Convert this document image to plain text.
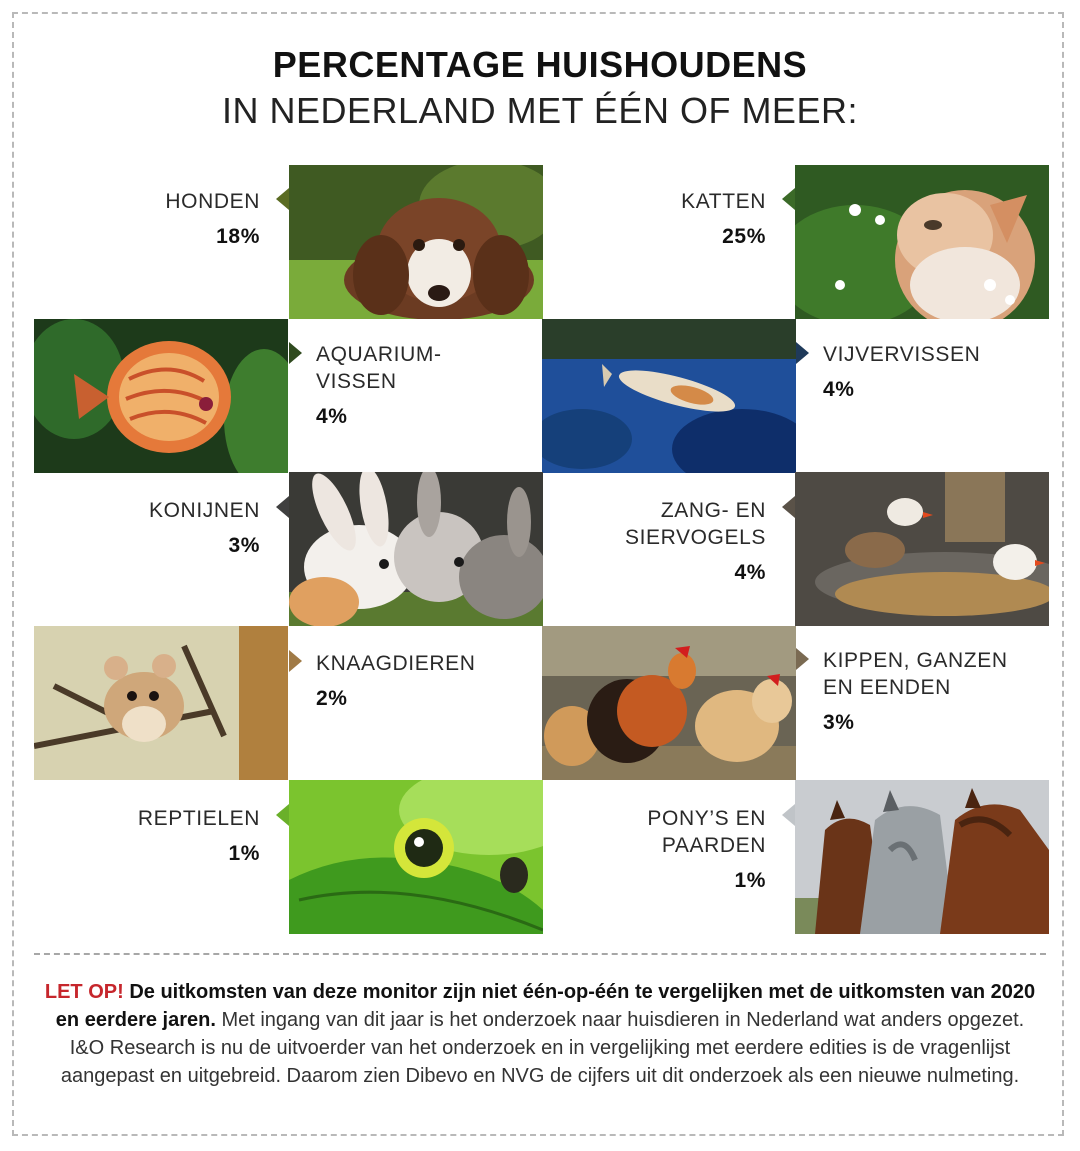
PERCENTAGE HUISHOUDENS
IN NEDERLAND MET ÉÉN OF MEER:
HONDEN
18%
KATTEN
25%
AQUARIUM-
VISSEN
4%
VIJVERVISSEN
4%
KONIJNEN
3%
ZANG- EN
SIERVOGELS
4%
KNAAGDIEREN
2%
KIPPEN, GANZEN
EN EENDEN
3%
REPTIELEN
1%
PONY’S EN
PAARDEN
1%
LET OP! De uitkomsten van deze monitor zijn niet één-op-één te vergelijken met de uitkomsten van 2020 en eerdere jaren. Met ingang van dit jaar is het onderzoek naar huisdieren in Nederland wat anders opgezet. I&O Research is nu de uitvoerder van het onderzoek en in vergelijking met eerdere edities is de vragenlijst aangepast en uitgebreid. Daarom zien Dibevo en NVG de cijfers uit dit onderzoek als een nieuwe nulmeting.
